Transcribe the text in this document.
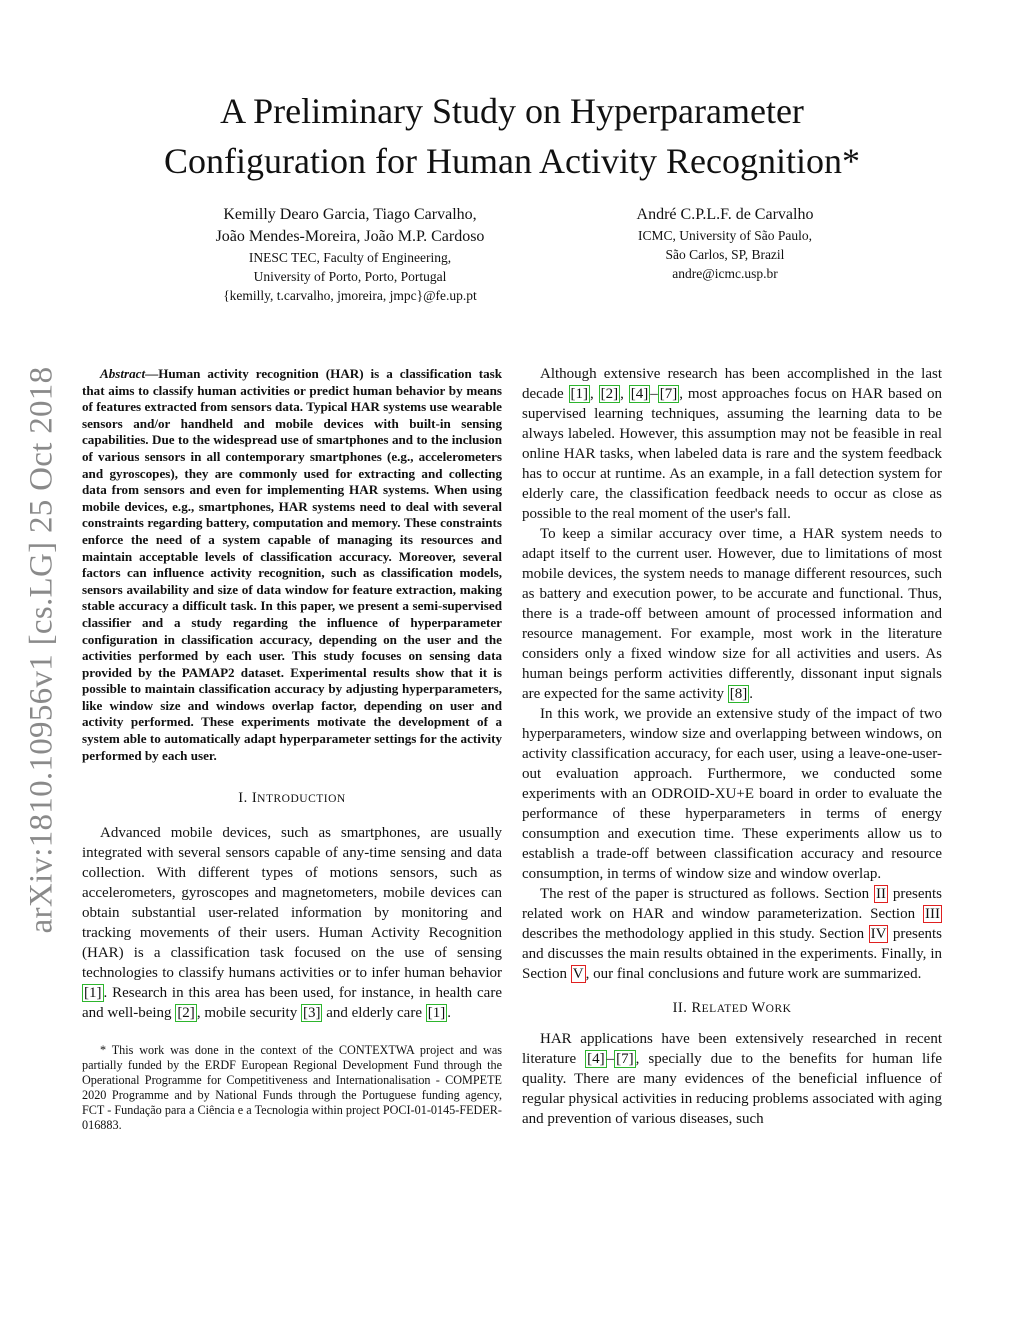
A Preliminary Study on Hyperparameter
Configuration for Human Activity Recognition*
Kemilly Dearo Garcia, Tiago Carvalho,
João Mendes-Moreira, João M.P. Cardoso
INESC TEC, Faculty of Engineering,
University of Porto, Porto, Portugal
{kemilly, t.carvalho, jmoreira, jmpc}@fe.up.pt
André C.P.L.F. de Carvalho
ICMC, University of São Paulo,
São Carlos, SP, Brazil
andre@icmc.usp.br
arXiv:1810.10956v1 [cs.LG] 25 Oct 2018	Abstract—Human activity recognition (HAR) is a classification task that aims to classify human activities or predict human behavior by means of features extracted from sensors data. Typical HAR systems use wearable sensors and/or handheld and mobile devices with built-in sensing capabilities. Due to the widespread use of smartphones and to the inclusion of various sensors in all contemporary smartphones (e.g., accelerometers and gyroscopes), they are commonly used for extracting and collecting data from sensors and even for implementing HAR systems. When using mobile devices, e.g., smartphones, HAR systems need to deal with several constraints regarding battery, computation and memory. These constraints enforce the need of a system capable of managing its resources and maintain acceptable levels of classification accuracy. Moreover, several factors can influence activity recognition, such as classification models, sensors availability and size of data window for feature extraction, making stable accuracy a difficult task. In this paper, we present a semi-supervised classifier and a study regarding the influence of hyperparameter configuration in classification accuracy, depending on the user and the activities performed by each user. This study focuses on sensing data provided by the PAMAP2 dataset. Experimental results show that it is possible to maintain classification accuracy by adjusting hyperparameters, like window size and windows overlap factor, depending on user and activity performed. These experiments motivate the development of a system able to automatically adapt hyperparameter settings for the activity performed by each user.
I. INTRODUCTION

Advanced mobile devices, such as smartphones, are usually integrated with several sensors capable of any-time sensing and data collection. With different types of motions sensors, such as accelerometers, gyroscopes and magnetometers, mobile devices can obtain substantial user-related information by monitoring and tracking movements of their users. Human Activity Recognition (HAR) is a classification task focused on the use of sensing technologies to classify humans activities or to infer human behavior [1] . Research in this area has been used, for instance, in health care and well-being [2] , mobile security [3] and elderly care [1] .

* This work was done in the context of the CONTEXTWA project and was partially funded by the ERDF European Regional Development Fund through the Operational Programme for Competitiveness and Internationalisation - COMPETE 2020 Programme and by National Funds through the Portuguese funding agency, FCT - Fundação para a Ciência e a Tecnologia within project POCI-01-0145-FEDER-016883.

Although extensive research has been accomplished in the last decade [1] , [2] , [4] – [7] , most approaches focus on HAR based on supervised learning techniques, assuming the learning data to be always labeled. However, this assumption may not be feasible in real online HAR tasks, when labeled data is rare and the system feedback has to occur at runtime. As an example, in a fall detection system for elderly care, the classification feedback needs to occur as close as possible to the real moment of the user's fall.

To keep a similar accuracy over time, a HAR system needs to adapt itself to the current user. However, due to limitations of most mobile devices, the system needs to manage different resources, such as battery and execution power, to be accurate and functional. Thus, there is a trade-off between amount of processed information and resource management. For example, most work in the literature considers only a fixed window size for all activities and users. As human beings perform activities differently, dissonant input signals are expected for the same activity [8] .

In this work, we provide an extensive study of the impact of two hyperparameters, window size and overlapping between windows, on activity classification accuracy, for each user, using a leave-one-user-out evaluation approach. Furthermore, we conducted some experiments with an ODROID-XU+E board in order to evaluate the performance of these hyperparameters in terms of energy consumption and execution time. These experiments allow us to establish a trade-off between classification accuracy and resource consumption, in terms of window size and window overlap.

The rest of the paper is structured as follows. Section II presents related work on HAR and window parameterization. Section III describes the methodology applied in this study. Section IV presents and discusses the main results obtained in the experiments. Finally, in Section V , our final conclusions and future work are summarized.

II. RELATED WORK

HAR applications have been extensively researched in recent literature [4] – [7] , specially due to the benefits for human life quality. There are many evidences of the beneficial influence of regular physical activities in reducing problems associated with aging and prevention of various diseases, such
